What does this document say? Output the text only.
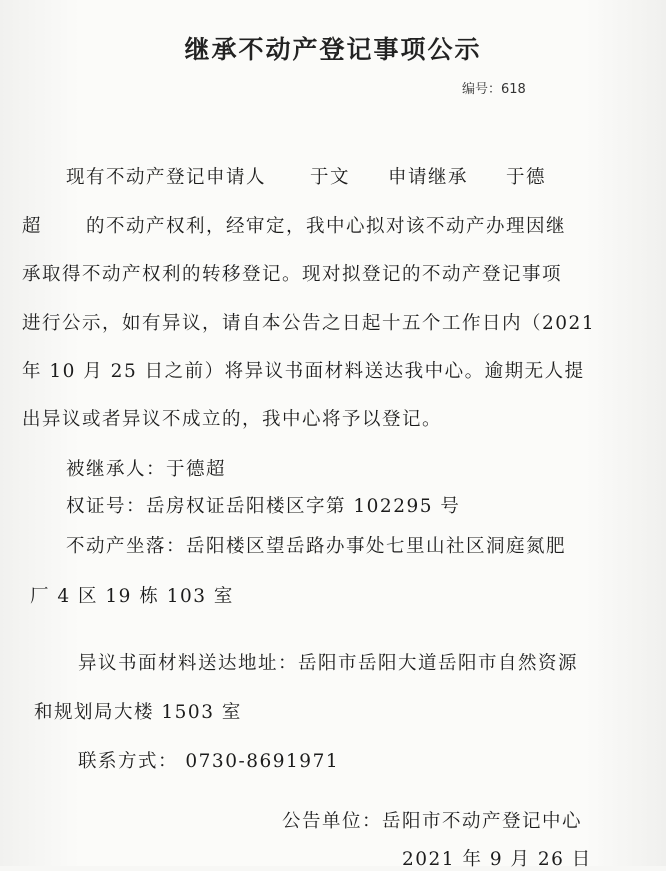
继承不动产登记事项公示
编号：618
现有不动产登记申请人 于文 申请继承 于德
超 的不动产权利，经审定，我中心拟对该不动产办理因继
承取得不动产权利的转移登记。现对拟登记的不动产登记事项
进行公示，如有异议，请自本公告之日起十五个工作日内（2021
年 10 月 25 日之前）将异议书面材料送达我中心。逾期无人提
出异议或者异议不成立的，我中心将予以登记。
被继承人：于德超
权证号：岳房权证岳阳楼区字第 102295 号
不动产坐落：岳阳楼区望岳路办事处七里山社区洞庭氮肥
厂 4 区 19 栋 103 室
异议书面材料送达地址：岳阳市岳阳大道岳阳市自然资源
和规划局大楼 1503 室
联系方式： 0730-8691971
公告单位：岳阳市不动产登记中心
2021 年 9 月 26 日
